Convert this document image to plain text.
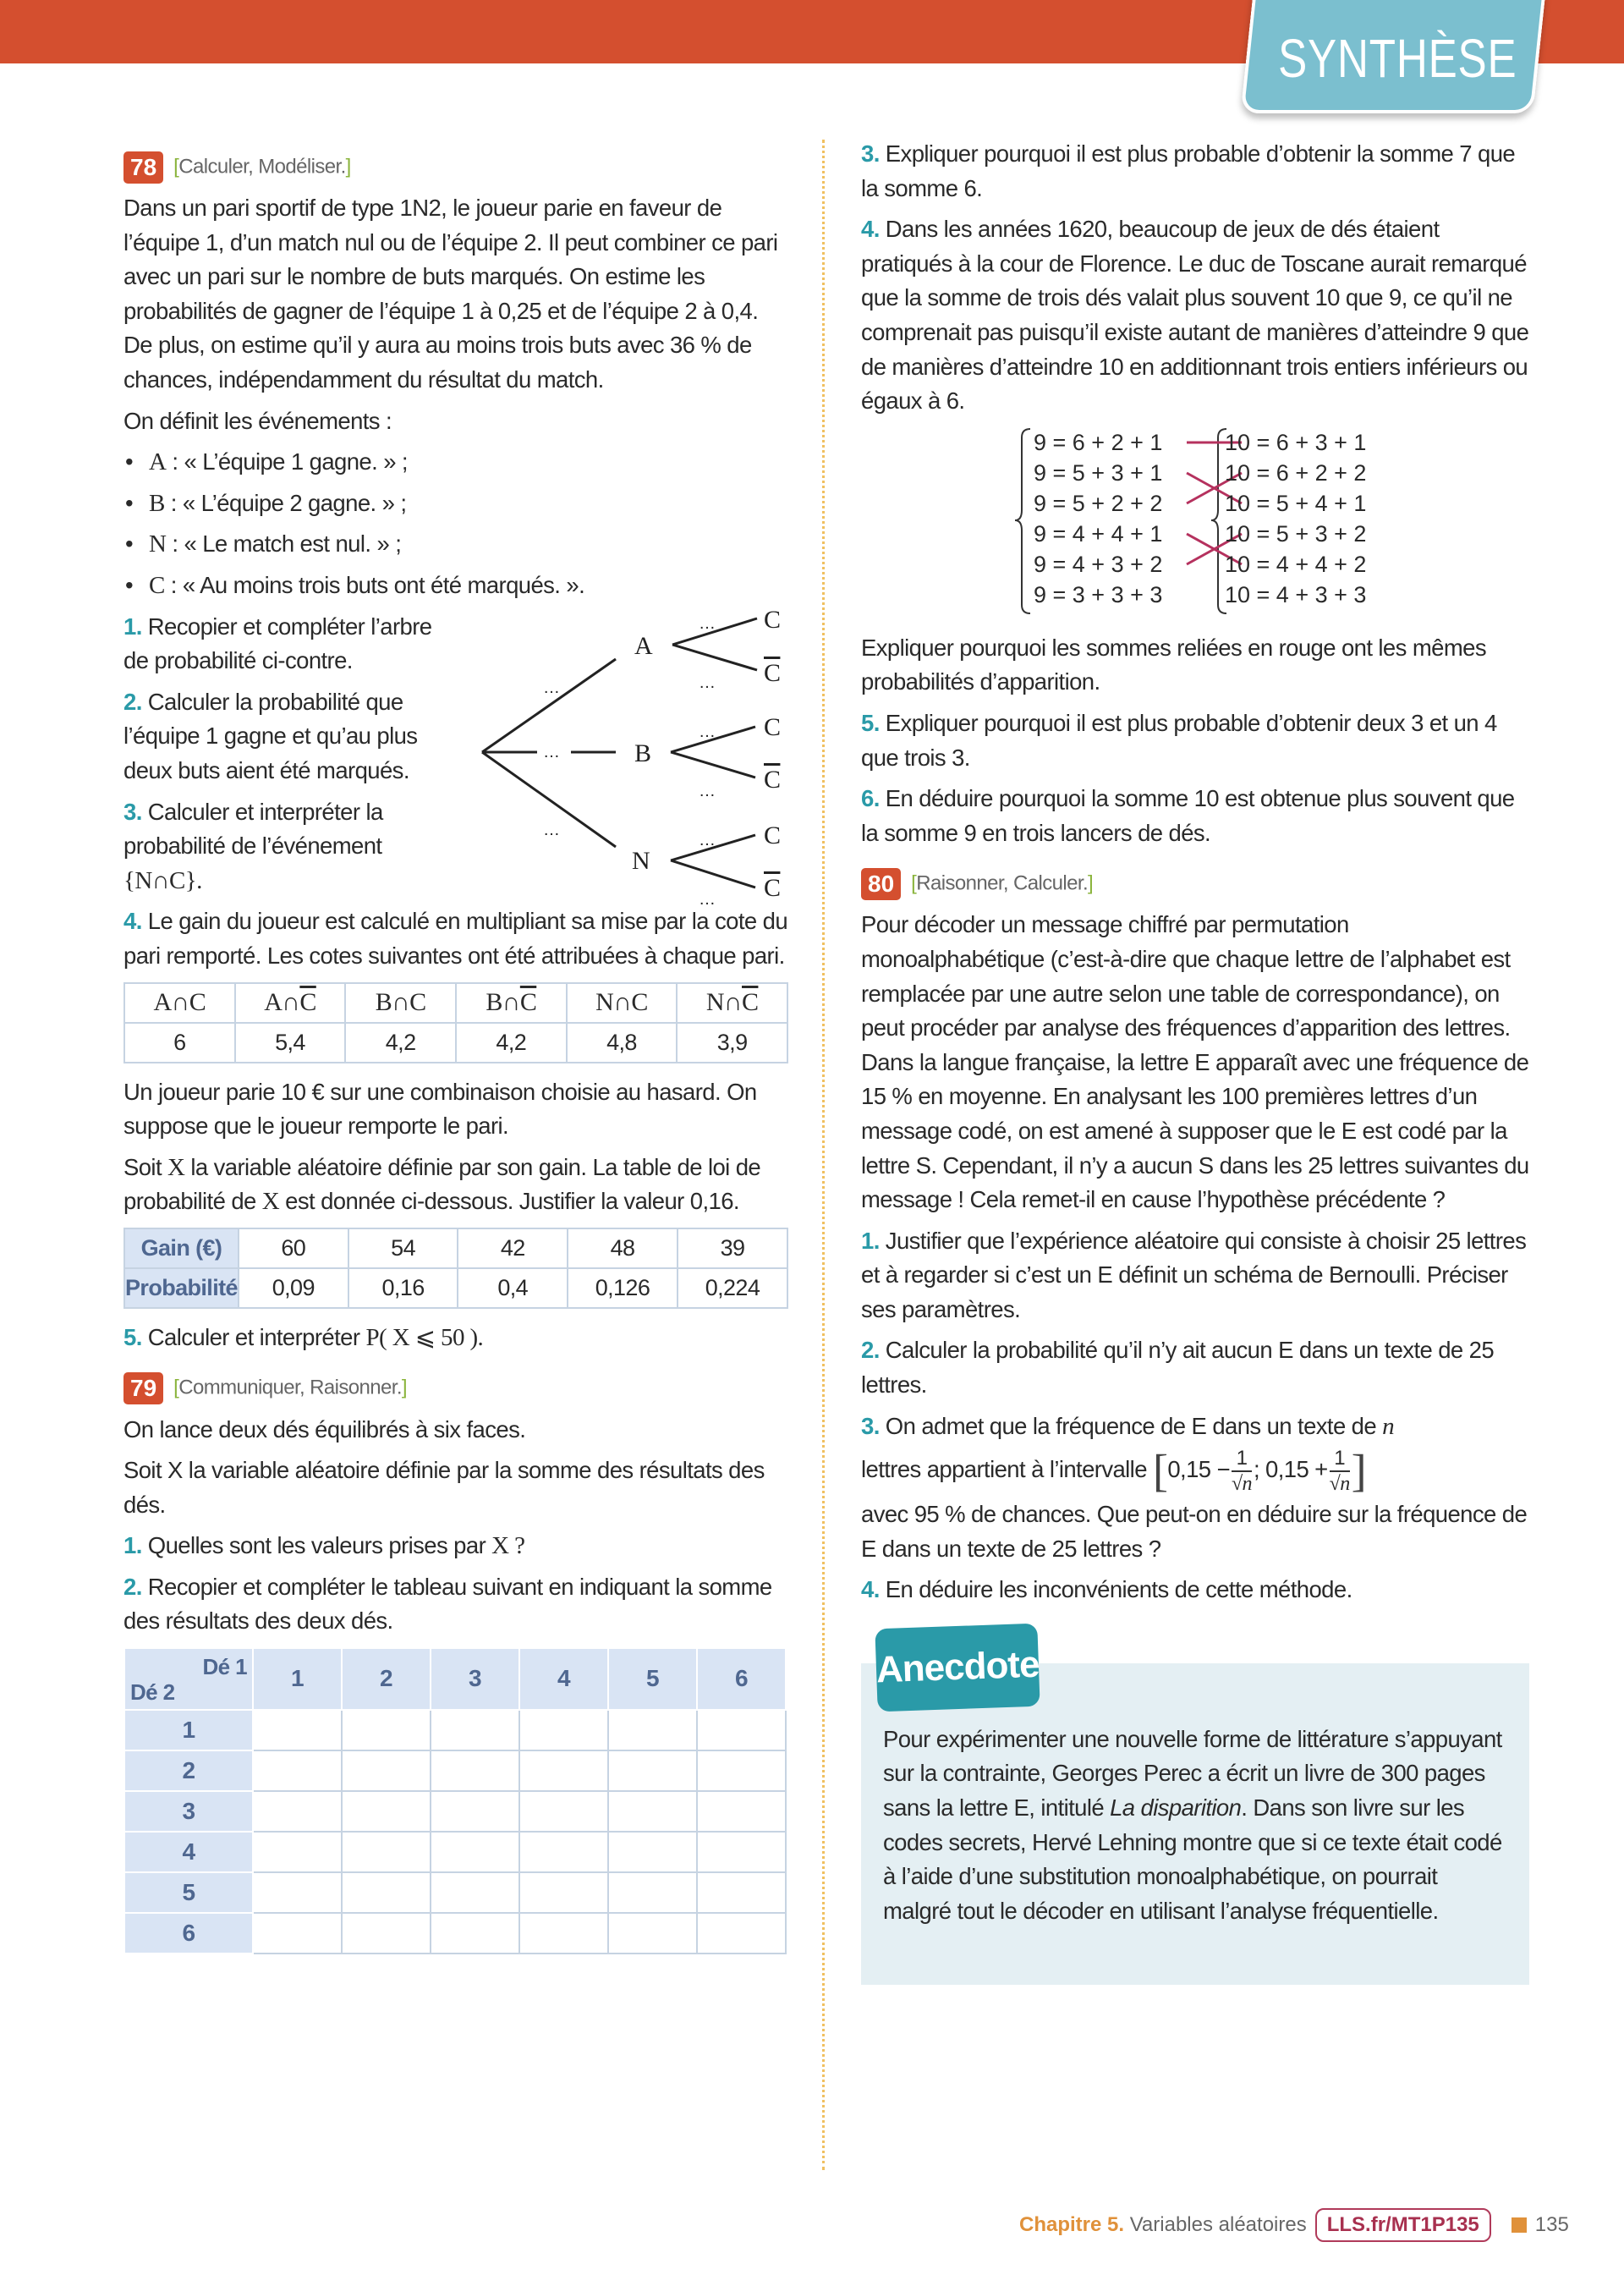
SYNTHÈSE

78 [Calculer, Modéliser.]

Dans un pari sportif de type 1N2, le joueur parie en faveur de l’équipe 1, d’un match nul ou de l’équipe 2. Il peut combiner ce pari avec un pari sur le nombre de buts marqués. On estime les probabilités de gagner de l’équipe 1 à 0,25 et de l’équipe 2 à 0,4. De plus, on estime qu’il y aura au moins trois buts avec 36 % de chances, indépendamment du résultat du match.

On définit les événements :

• A : « L’équipe 1 gagne. » ;
• B : « L’équipe 2 gagne. » ;
• N : « Le match est nul. » ;
• C : « Au moins trois buts ont été marqués. ».

1. Recopier et compléter l’arbre de probabilité ci-contre.

2. Calculer la probabilité que l’équipe 1 gagne et qu’au plus deux buts aient été marqués.

3. Calculer et interpréter la probabilité de l’événement {N∩C}.

A
B
N
C
C
C
C
C
C
…
…
…
…
…
…
…
…
…

4. Le gain du joueur est calculé en multipliant sa mise par la cote du pari remporté. Les cotes suivantes ont été attribuées à chaque pari.

A∩C	$A\cap\overline{C}$	B∩C	$B\cap\overline{C}$	N∩C	$N\cap\overline{C}$
6	5,4	4,2	4,2	4,8	3,9

Un joueur parie 10 € sur une combinaison choisie au hasard. On suppose que le joueur remporte le pari.

Soit X la variable aléatoire définie par son gain. La table de loi de probabilité de X est donnée ci-dessous. Justifier la valeur 0,16.

Gain (€)	60	54	42	48	39
Probabilité	0,09	0,16	0,4	0,126	0,224

5. Calculer et interpréter P( X ⩽ 50 ).

79 [Communiquer, Raisonner.]

On lance deux dés équilibrés à six faces.

Soit X la variable aléatoire définie par la somme des résultats des dés.

1. Quelles sont les valeurs prises par X ?

2. Recopier et compléter le tableau suivant en indiquant la somme des résultats des deux dés.

Dé 1
Dé 2	1	2	3	4	5	6
1						
2						
3						
4						
5						
6						

3. Expliquer pourquoi il est plus probable d’obtenir la somme 7 que la somme 6.

4. Dans les années 1620, beaucoup de jeux de dés étaient pratiqués à la cour de Florence. Le duc de Toscane aurait remarqué que la somme de trois dés valait plus souvent 10 que 9, ce qu’il ne comprenait pas puisqu’il existe autant de manières d’atteindre 9 que de manières d’atteindre 10 en additionnant trois entiers inférieurs ou égaux à 6.

9 = 6 + 2 + 1
9 = 5 + 3 + 1
9 = 5 + 2 + 2
9 = 4 + 4 + 1
9 = 4 + 3 + 2
9 = 3 + 3 + 3
10 = 6 + 3 + 1
10 = 6 + 2 + 2
10 = 5 + 4 + 1
10 = 5 + 3 + 2
10 = 4 + 4 + 2
10 = 4 + 3 + 3

Expliquer pourquoi les sommes reliées en rouge ont les mêmes probabilités d’apparition.

5. Expliquer pourquoi il est plus probable d’obtenir deux 3 et un 4 que trois 3.

6. En déduire pourquoi la somme 10 est obtenue plus souvent que la somme 9 en trois lancers de dés.

80 [Raisonner, Calculer.]

Pour décoder un message chiffré par permutation monoalphabétique (c’est-à-dire que chaque lettre de l’alphabet est remplacée par une autre selon une table de correspondance), on peut procéder par analyse des fréquences d’apparition des lettres. Dans la langue française, la lettre E apparaît avec une fréquence de 15 % en moyenne. En analysant les 100 premières lettres d’un message codé, on est amené à supposer que le E est codé par la lettre S. Cependant, il n’y a aucun S dans les 25 lettres suivantes du message ! Cela remet-il en cause l’hypothèse précédente ?

1. Justifier que l’expérience aléatoire qui consiste à choisir 25 lettres et à regarder si c’est un E définit un schéma de Bernoulli. Préciser ses paramètres.

2. Calculer la probabilité qu’il n’y ait aucun E dans un texte de 25 lettres.

3. On admet que la fréquence de E dans un texte de n

lettres appartient à l’intervalle [$0,15 - \frac{1}{√n}$ ; $0,15 + \frac{1}{√n}$ ]

avec 95 % de chances. Que peut-on en déduire sur la fréquence de E dans un texte de 25 lettres ?

4. En déduire les inconvénients de cette méthode.

Pour expérimenter une nouvelle forme de littérature s’appuyant sur la contrainte, Georges Perec a écrit un livre de 300 pages sans la lettre E, intitulé La disparition. Dans son livre sur les codes secrets, Hervé Lehning montre que si ce texte était codé à l’aide d’une substitution monoalphabétique, on pourrait malgré tout le décoder en utilisant l’analyse fréquentielle.

Anecdote
Chapitre 5. Variables aléatoires LLS.fr/MT1P135	135
